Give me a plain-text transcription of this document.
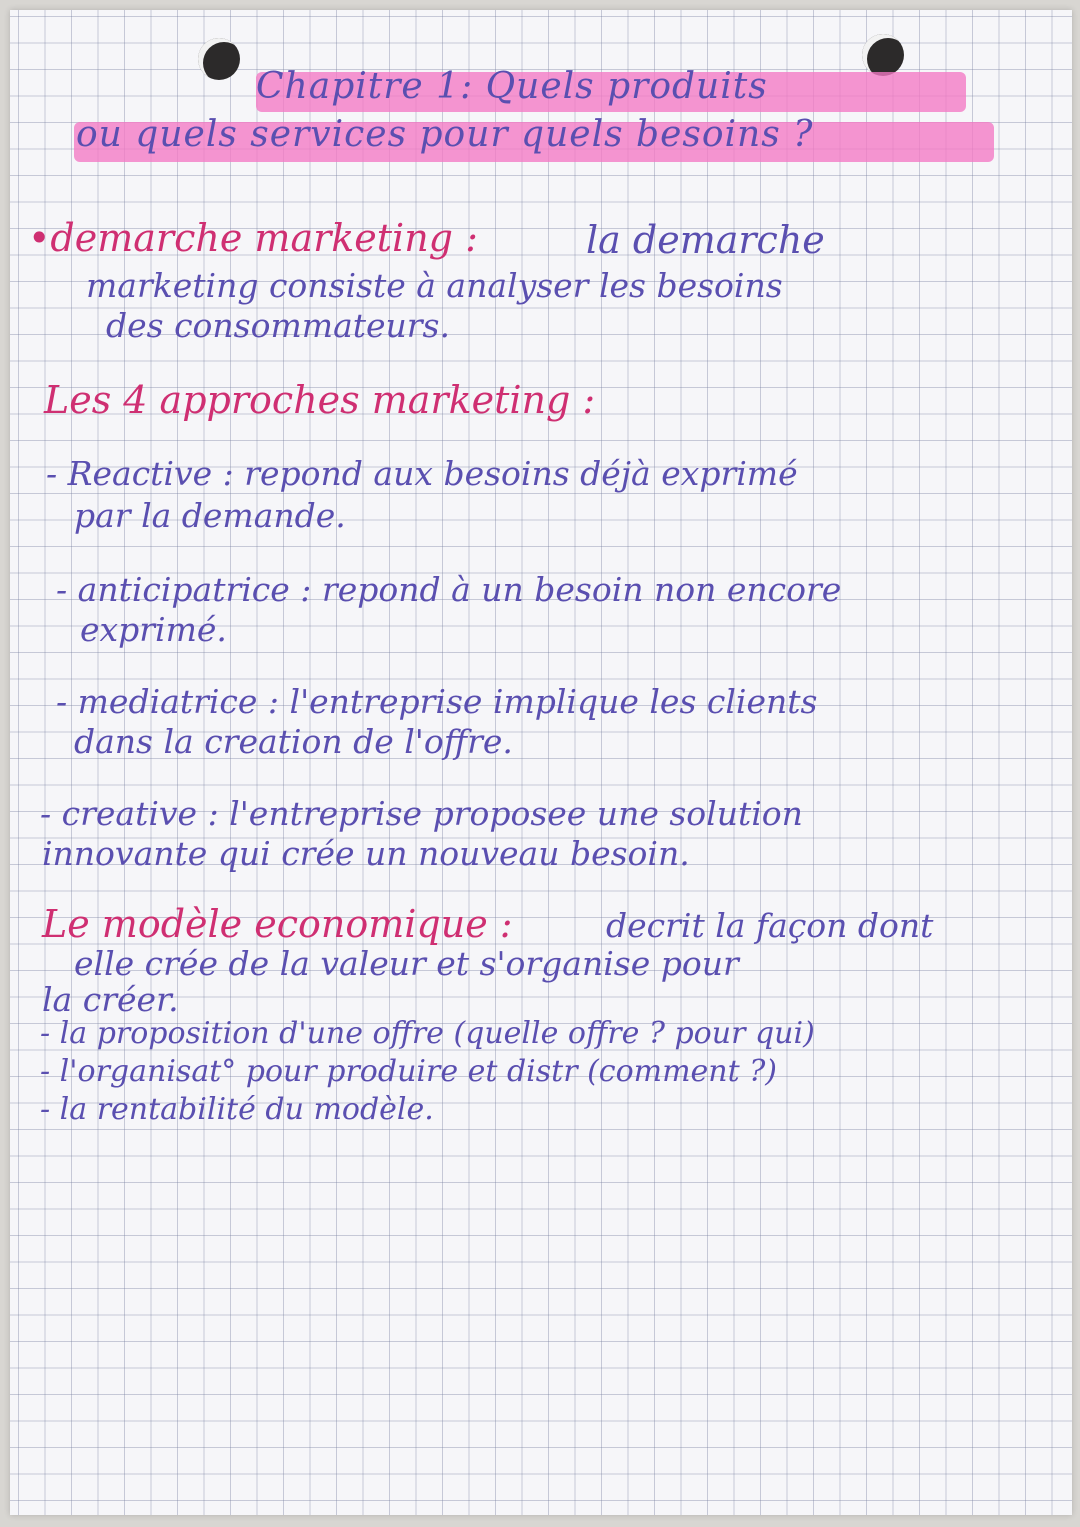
Chapitre 1: Quels produits

ou quels services pour quels besoins ?

•demarche marketing :	la demarche

marketing consiste à analyser les besoins

des consommateurs.

Les 4 approches marketing :

- Reactive : repond aux besoins déjà exprimé

par la demande.

- anticipatrice : repond à un besoin non encore

exprimé.

- mediatrice : l'entreprise implique les clients

dans la creation de l'offre.

- creative : l'entreprise proposee une solution

innovante qui crée un nouveau besoin.

Le modèle economique :	decrit la façon dont

elle crée de la valeur et s'organise pour

la créer.

- la proposition d'une offre (quelle offre ? pour qui)

- l'organisat° pour produire et distr (comment ?)

- la rentabilité du modèle.
